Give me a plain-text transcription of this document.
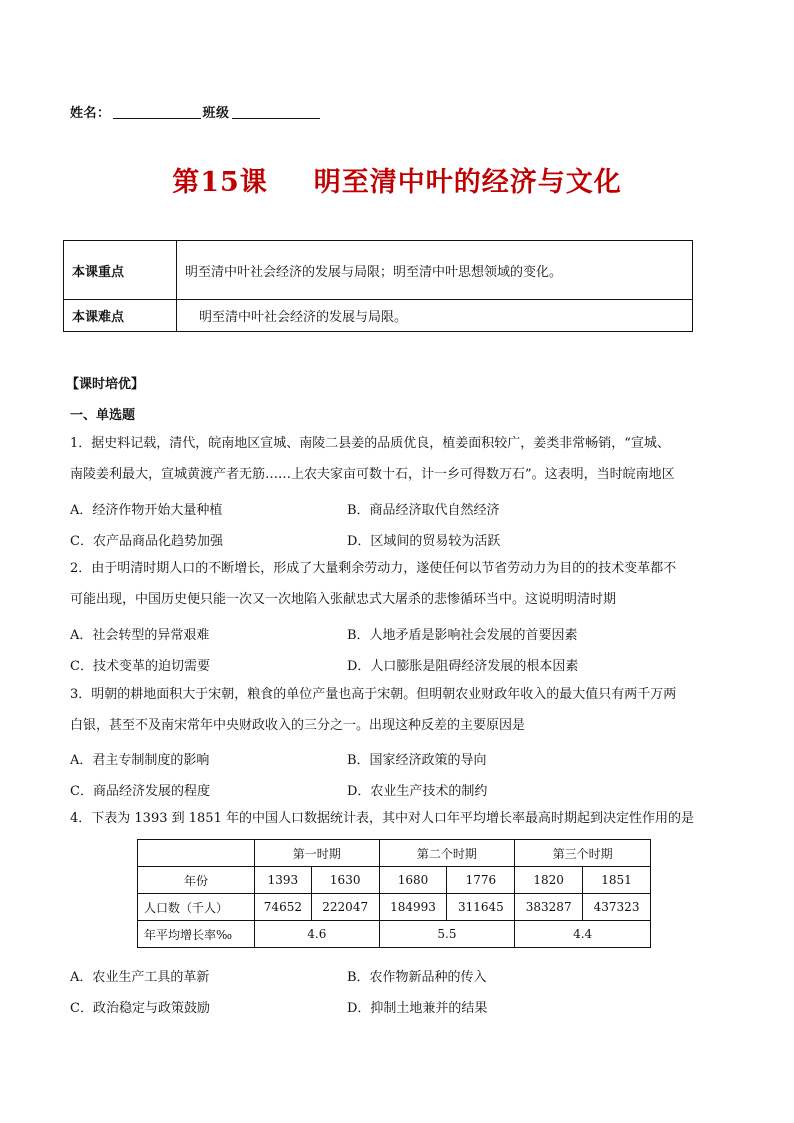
姓名：	班级
第15课 明至清中叶的经济与文化
本课重点	明至清中叶社会经济的发展与局限；明至清中叶思想领域的变化。
本课难点	明至清中叶社会经济的发展与局限。
【课时培优】
一、单选题
1．据史料记载，清代，皖南地区宣城、南陵二县姜的品质优良，植姜面积较广，姜类非常畅销，“宣城、
南陵姜利最大，宣城黄渡产者无筋……上农夫家亩可数十石，计一乡可得数万石”。这表明，当时皖南地区
A．经济作物开始大量种植	B．商品经济取代自然经济
C．农产品商品化趋势加强	D．区域间的贸易较为活跃
2．由于明清时期人口的不断增长，形成了大量剩余劳动力，遂使任何以节省劳动力为目的的技术变革都不
可能出现，中国历史便只能一次又一次地陷入张献忠式大屠杀的悲惨循环当中。这说明明清时期
A．社会转型的异常艰难	B．人地矛盾是影响社会发展的首要因素
C．技术变革的迫切需要	D．人口膨胀是阻碍经济发展的根本因素
3．明朝的耕地面积大于宋朝，粮食的单位产量也高于宋朝。但明朝农业财政年收入的最大值只有两千万两
白银，甚至不及南宋常年中央财政收入的三分之一。出现这种反差的主要原因是
A．君主专制制度的影响	B．国家经济政策的导向
C．商品经济发展的程度	D．农业生产技术的制约
4．下表为 1393 到 1851 年的中国人口数据统计表，其中对人口年平均增长率最高时期起到决定性作用的是
	第一时期		第二个时期		第三个时期	
年份	1393	1630	1680	1776	1820	1851
人口数（千人）	74652	222047	184993	311645	383287	437323
年平均增长率‰	4.6		5.5		4.4	
A．农业生产工具的革新	B．农作物新品种的传入
C．政治稳定与政策鼓励	D．抑制土地兼并的结果
